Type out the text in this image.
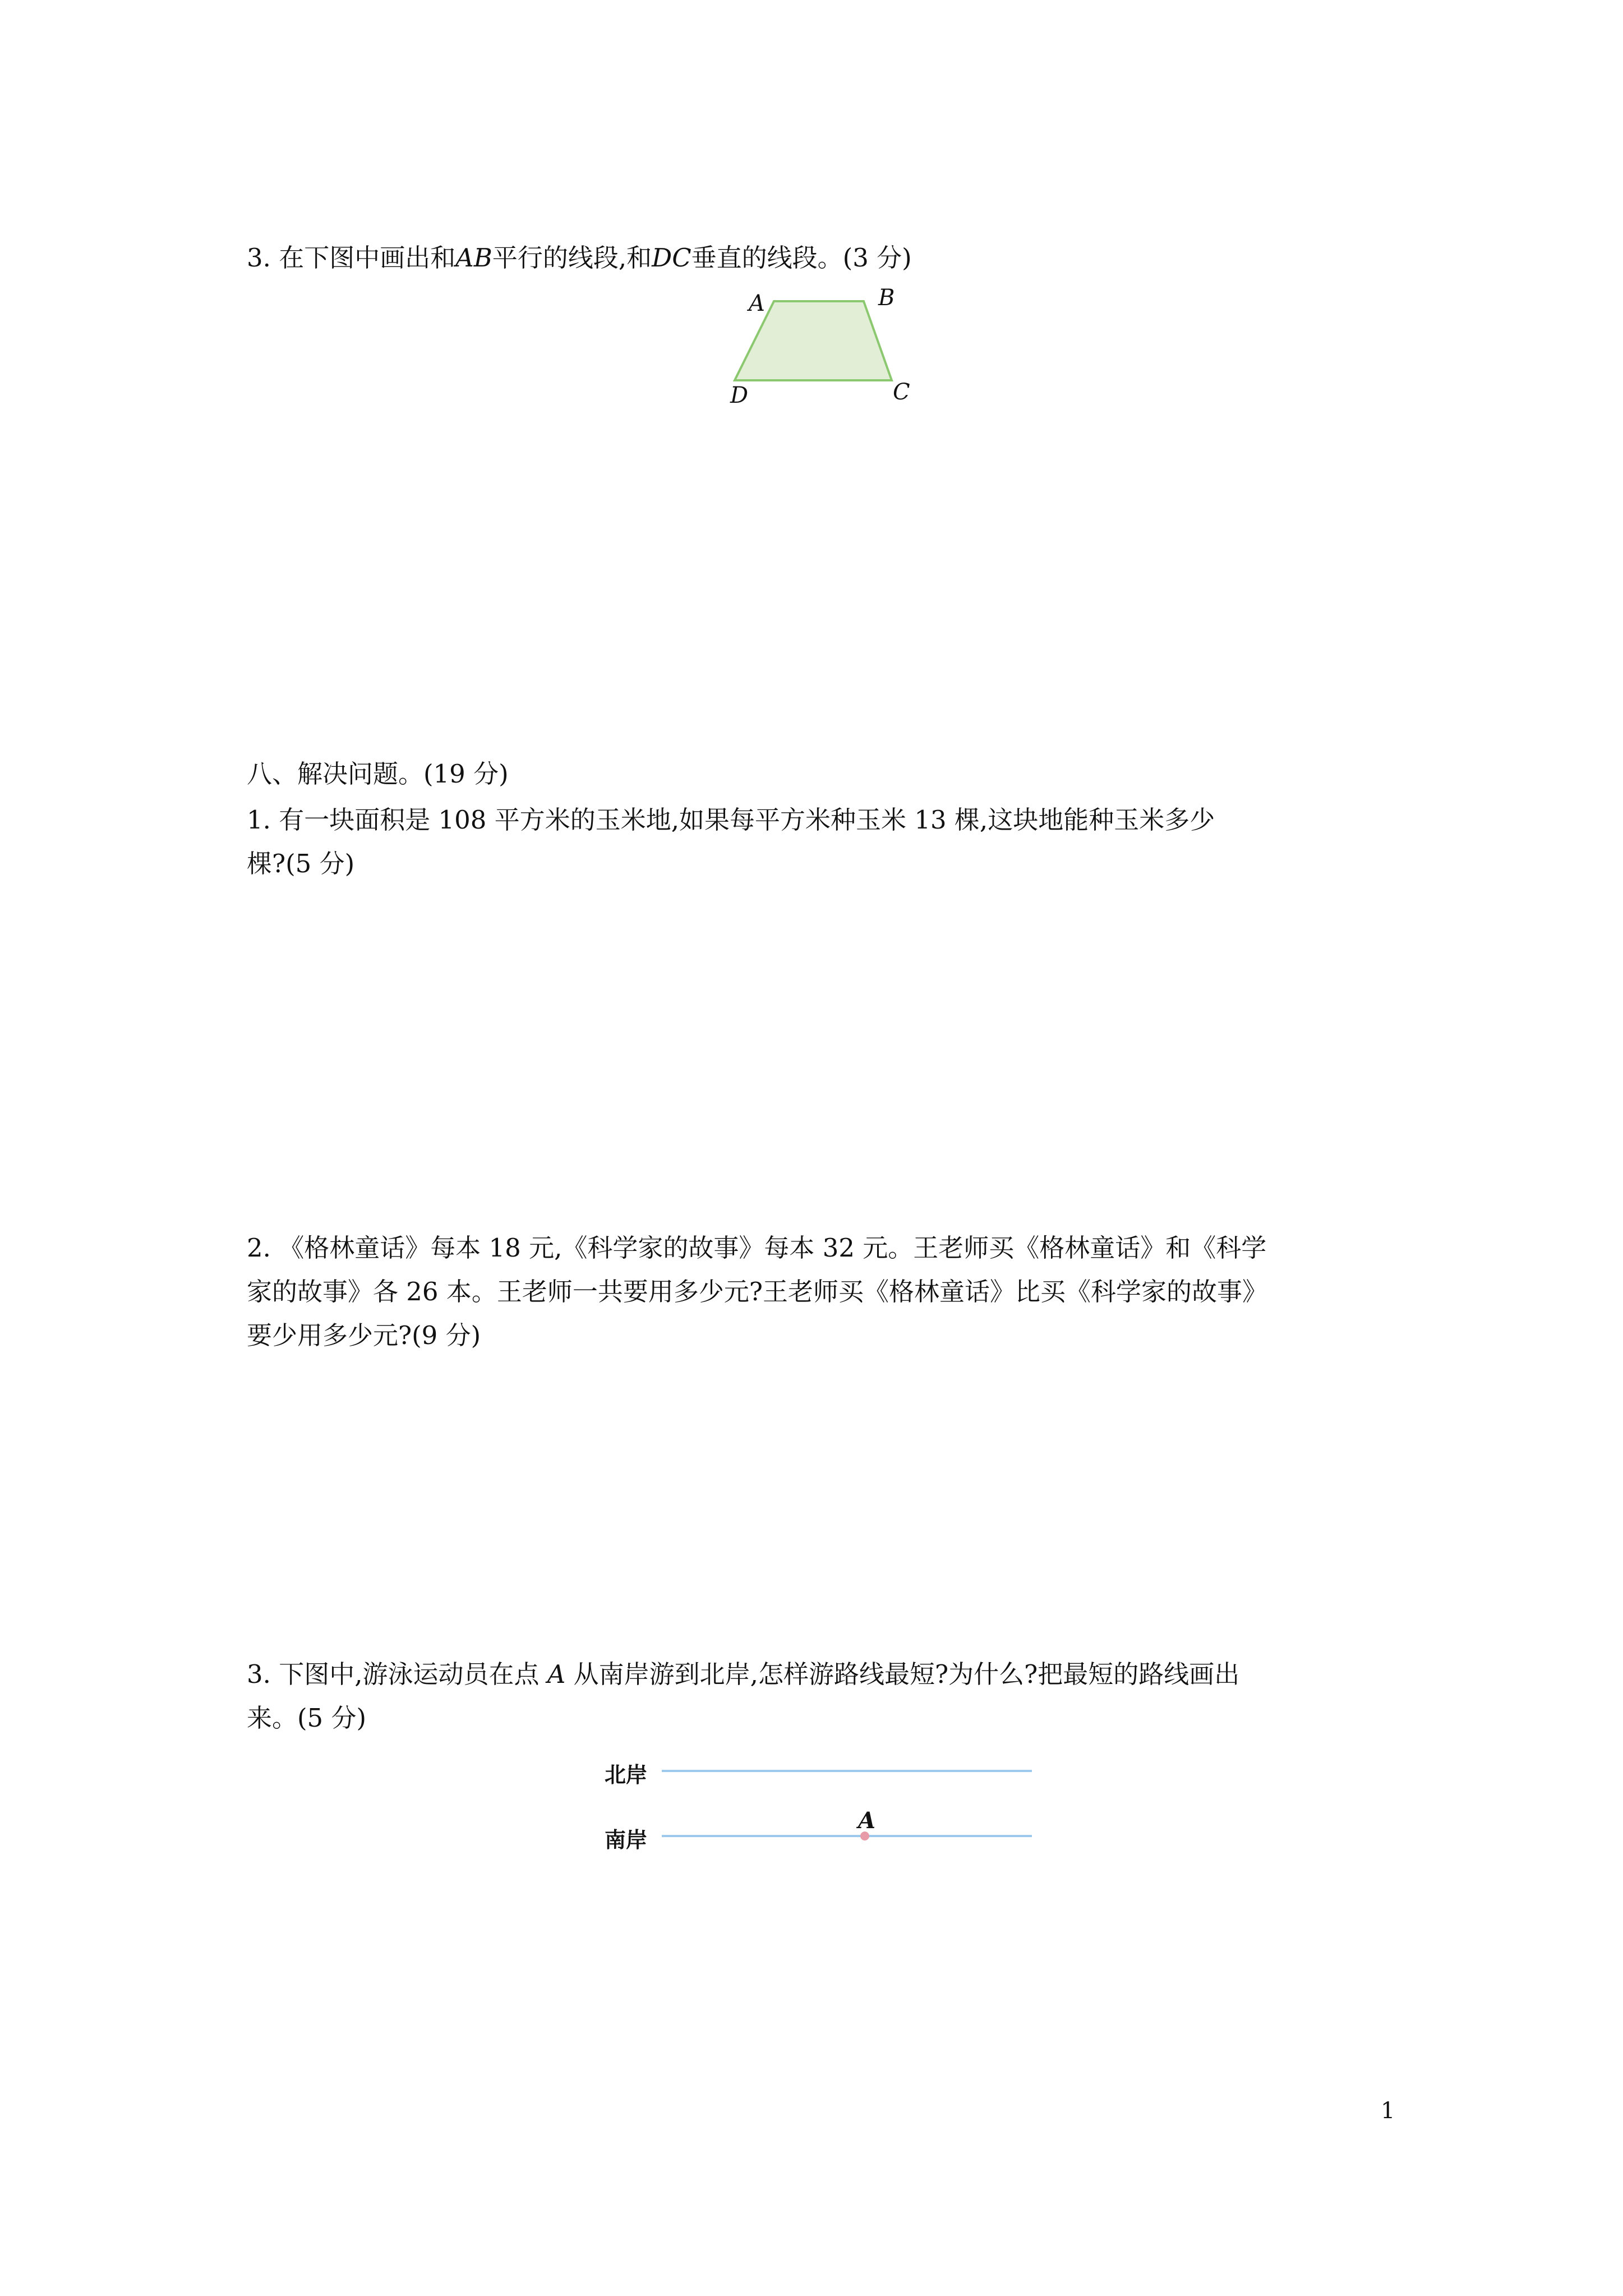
3. 在下图中画出和AB平行的线段,和DC垂直的线段。(3 分)
A	B
C
D
八、解决问题。(19 分)
1. 有一块面积是 108 平方米的玉米地,如果每平方米种玉米 13 棵,这块地能种玉米多少
棵?(5 分)
2. 《格林童话》每本 18 元,《科学家的故事》每本 32 元。王老师买《格林童话》和《科学
家的故事》各 26 本。王老师一共要用多少元?王老师买《格林童话》比买《科学家的故事》
要少用多少元?(9 分)
3. 下图中,游泳运动员在点 A 从南岸游到北岸,怎样游路线最短?为什么?把最短的路线画出
来。(5 分)
北岸
南岸
A
1
